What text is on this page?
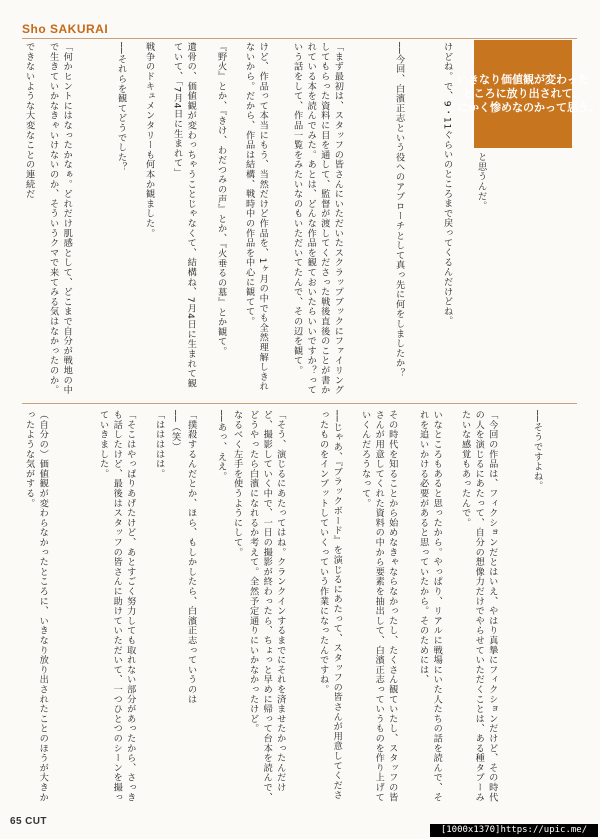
Sho SAKURAI
いきなり価値観が変わった
ところに放り出されて、
とにかく惨めなのかって思う。
けどね。で、9・11ぐらいのところまで戻ってくるんだけどね。
──今回、白濱正志という役へのアプローチとして真っ先に何をしましたか？
「まず最初は、スタッフの皆さんにいただいたスクラップブックにファイリングしてもらった資料に目を通して、監督が渡してくださった戦後直後のことが書かれている本を読んでみた。あとは、どんな作品を観ておいたらいいですか？っていう話をして、作品一覧をみたいなのもいただいてたんで、その辺を観て。
けど、作品って本当にもう、当然だけど作品を、1ヶ月の中でも全然理解しきれないから。だから、作品は結構、戦時中の作品を中心に観てて。
『野火』とか、『きけ、わだつみの声』とか、『火垂るの墓』とか観て。
遺骨の、価値観が変わっちゃうことじゃなくて、結構ね、7月4日に生まれて観ていて、「7月4日に生まれて」
戦争のドキュメンタリーも何本か観ました。
──それらを観てどうでした？
「何かヒントにはなったかなぁ。どれだけ肌感として、どこまで自分が戦地の中で生きていかなきゃいけないのか、そういうクマで来てみる気はなかったのか。
できないような大変なことの連続だ	と思うんだ。
──そうですよね。
「今回の作品は、フィクションだとはいえ、やはり真摯にフィクションだけど、その時代の人を演じるにあたって、自分の想像力だけでやらせていただくことは、ある種タブーみたいな感覚もあったんで。
いなところもあると思ったから。やっぱり、リアルに戦場にいた人たちの話を読んで、それを追いかける必要があると思っていたから。そのためには、
その時代を知ることから始めなきゃならなかったし、たくさん観ていたし、スタッフの皆さんが用意してくれた資料の中から要素を抽出して、白濱正志っていうものを作り上げていくんだろうなって。
──じゃあ、『ブラックボード』を演じるにあたって、スタッフの皆さんが用意してくださったものをインプットしていくっていう作業になったんですね。
「そう、演じるにあたってはね。クランクインするまでにそれを済ませたかったんだけど、撮影していく中で、一日の撮影が終わったら、ちょっと早めに帰って台本を読んで、どうやったら白濱になれるか考えて。全然予定通りにいかなかったけど。
なるべく左手を使うようにして。
──あっ、ええ。
「撲殺するんだとか、ほら、もしかしたら、白濱正志っていうのは
──（笑）
「ははははは。
「そこはやっぱりあげたけど、あとすごく努力しても取れない部分があったから、さっきも話したけど、最後はスタッフの皆さんに助けていただいて、一つひとつのシーンを撮っていきました。
（自分の）価値観が変わらなかったところに、いきなり放り出されたことのほうが大きかったような気がする。
65 CUT
[1000x1370]https://upic.me/
